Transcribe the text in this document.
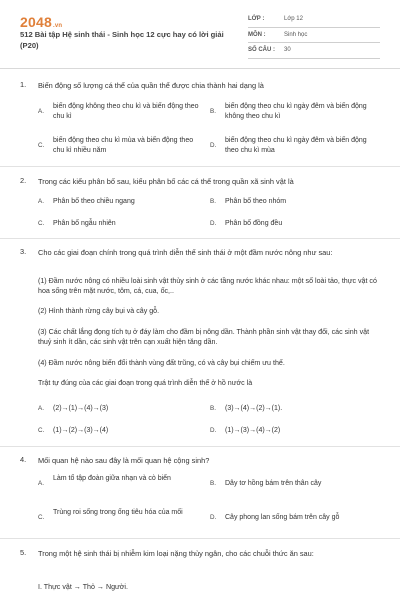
2048.vn
512 Bài tập Hệ sinh thái - Sinh học 12 cực hay có lời giải (P20)
LỚP :	Lớp 12
MÔN :	Sinh học
SỐ CÂU :	30
1.	Biến động số lượng cá thể của quần thể được chia thành hai dạng là
A.
biến động không theo chu kì và biến động theo chu kì
B.
biến động theo chu kì ngày đêm và biến động không theo chu kì
C.
biến động theo chu kì mùa và biến động theo chu kì nhiều năm
D.
biến động theo chu kì ngày đêm và biến động theo chu kì mùa
2.	Trong các kiểu phân bố sau, kiểu phân bố các cá thể trong quần xã sinh vật là
A. Phân bố theo chiều ngang	B. Phân bố theo nhóm
C. Phân bố ngẫu nhiên	D. Phân bố đồng đều
3.	Cho các giai đoạn chính trong quá trình diễn thế sinh thái ở một đầm nước nông như sau:
(1) Đầm nước nông có nhiều loài sinh vật thủy sinh ở các tầng nước khác nhau: một số loài tảo, thực vật có hoa sống trên mặt nước, tôm, cá, cua, ốc,..
(2) Hình thành rừng cây bụi và cây gỗ.
(3) Các chất lắng đọng tích tụ ở đáy làm cho đầm bị nông dần. Thành phần sinh vật thay đổi, các sinh vật thuỷ sinh ít dần, các sinh vật trên cạn xuất hiện tăng dần.
(4) Đầm nước nông biến đổi thành vùng đất trũng, có và cây bụi chiếm ưu thế.
Trật tự đúng của các giai đoạn trong quá trình diễn thế ở hồ nước là
A. (2)→(1)→(4)→(3)	B. (3)→(4)→(2)→(1).
C. (1)→(2)→(3)→(4)	D. (1)→(3)→(4)→(2)
4.	Mối quan hệ nào sau đây là mối quan hệ cộng sinh?
A.
Làm tổ tập đoàn giữa nhạn và cò biển
B. Dây tơ hồng bám trên thân cây
C.
Trùng roi sống trong ống tiêu hóa của mối
D. Cây phong lan sống bám trên cây gỗ
5.	Trong một hệ sinh thái bị nhiễm kim loại nặng thủy ngân, cho các chuỗi thức ăn sau:
I. Thực vật → Thỏ → Người.
